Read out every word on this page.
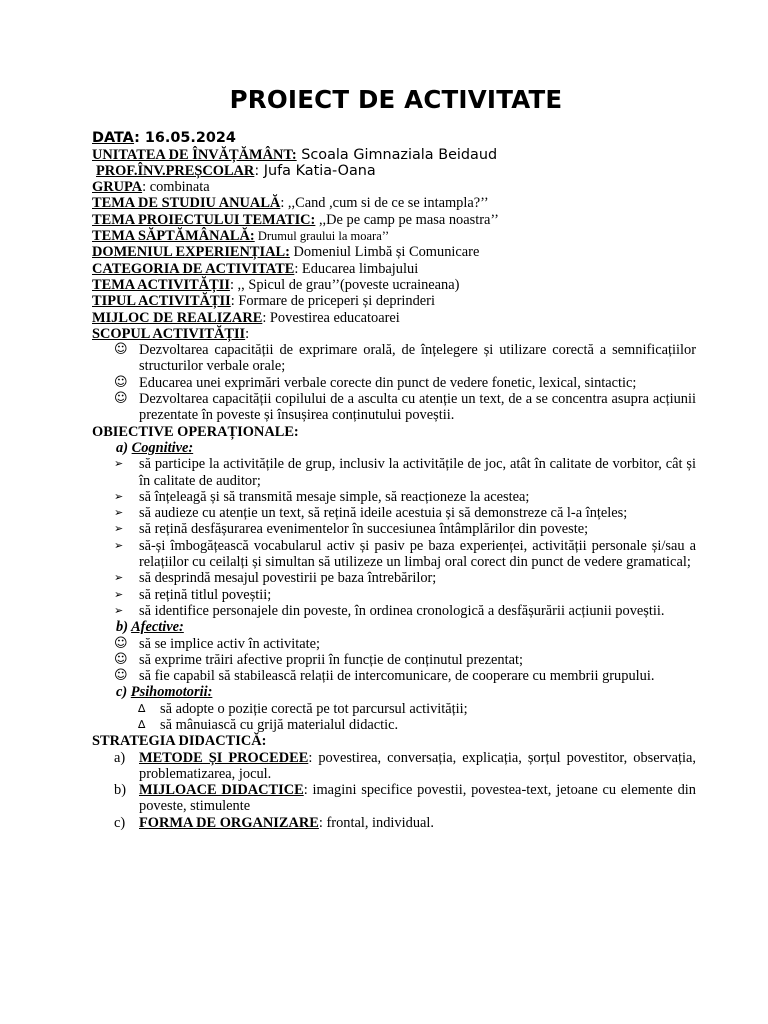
PROIECT DE ACTIVITATE
DATA: 16.05.2024
UNITATEA DE ÎNVĂȚĂMÂNT: Scoala Gimnaziala Beidaud
PROF.ÎNV.PREȘCOLAR: Jufa Katia-Oana
GRUPA: combinata
TEMA DE STUDIU ANUALĂ: ,,Cand ,cum si de ce se intampla?’’
TEMA PROIECTULUI TEMATIC: ,,De pe camp pe masa noastra’’
TEMA SĂPTĂMÂNALĂ: Drumul graului la moara’’
DOMENIUL EXPERIENȚIAL: Domeniul Limbă și Comunicare
CATEGORIA DE ACTIVITATE: Educarea limbajului
TEMA ACTIVITĂȚII: ,, Spicul de grau’’(poveste ucraineana)
TIPUL ACTIVITĂȚII: Formare de priceperi și deprinderi
MIJLOC DE REALIZARE: Povestirea educatoarei
SCOPUL ACTIVITĂȚII:
☺ Dezvoltarea capacității de exprimare orală, de înțelegere și utilizare corectă a semnificațiilor structurilor verbale orale;
☺ Educarea unei exprimări verbale corecte din punct de vedere fonetic, lexical, sintactic;
☺ Dezvoltarea capacității copilului de a asculta cu atenție un text, de a se concentra asupra acțiunii prezentate în poveste și însușirea conținutului poveștii.
OBIECTIVE OPERAȚIONALE:
a) Cognitive:
➢ să participe la activitățile de grup, inclusiv la activitățile de joc, atât în calitate de vorbitor, cât și în calitate de auditor;
➢ să înțeleagă și să transmită mesaje simple, să reacționeze la acestea;
➢ să audieze cu atenție un text, să rețină ideile acestuia și să demonstreze că l-a înțeles;
➢ să rețină desfășurarea evenimentelor în succesiunea întâmplărilor din poveste;
➢ să-și îmbogățească vocabularul activ și pasiv pe baza experienței, activității personale și/sau a relațiilor cu ceilalți și simultan să utilizeze un limbaj oral corect din punct de vedere gramatical;
➢ să desprindă mesajul povestirii pe baza întrebărilor;
➢ să rețină titlul poveștii;
➢ să identifice personajele din poveste, în ordinea cronologică a desfășurării acțiunii poveștii.
b) Afective:
☺ să se implice activ în activitate;
☺ să exprime trăiri afective proprii în funcție de conținutul prezentat;
☺ să fie capabil să stabilească relații de intercomunicare, de cooperare cu membrii grupului.
c) Psihomotorii:
∆ să adopte o poziție corectă pe tot parcursul activității;
∆ să mânuiască cu grijă materialul didactic.
STRATEGIA DIDACTICĂ:
a) METODE ȘI PROCEDEE: povestirea, conversația, explicația, șorțul povestitor, observația, problematizarea, jocul.
b) MIJLOACE DIDACTICE: imagini specifice povestii, povestea-text, jetoane cu elemente din poveste, stimulente
c) FORMA DE ORGANIZARE: frontal, individual.
